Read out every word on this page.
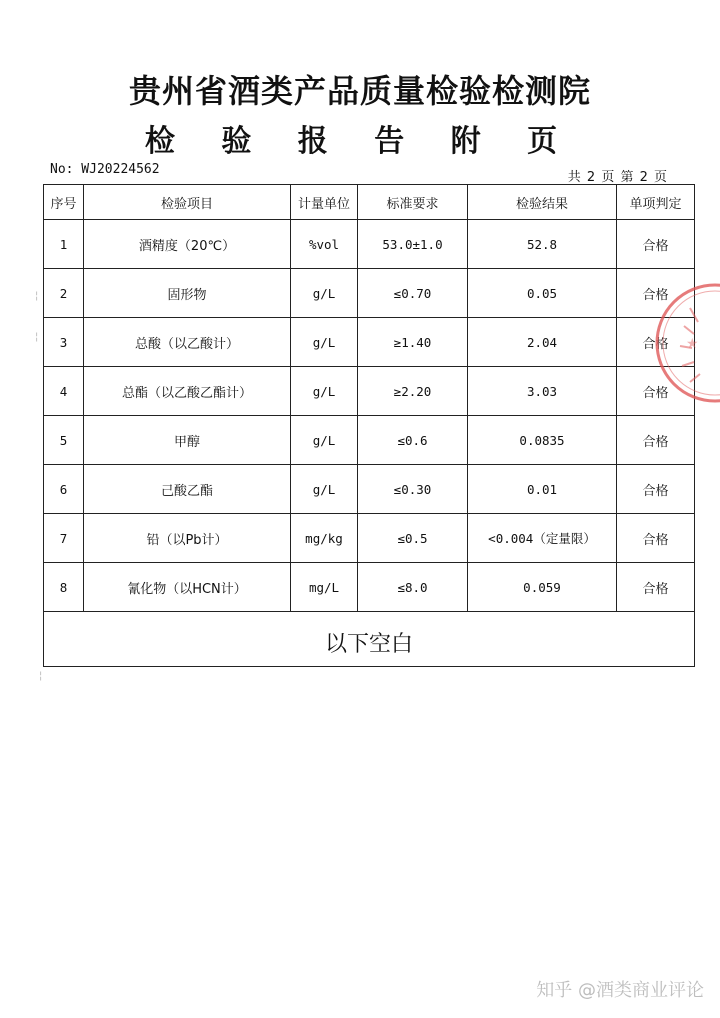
贵州省酒类产品质量检验检测院
检 验 报 告 附 页
No: WJ20224562
共 2 页 第 2 页
序号	检验项目	计量单位	标准要求	检验结果	单项判定
1	酒精度（20℃）	%vol	53.0±1.0	52.8	合格
2	固形物	g/L	≤0.70	0.05	合格
3	总酸（以乙酸计）	g/L	≥1.40	2.04	合格
4	总酯（以乙酸乙酯计）	g/L	≥2.20	3.03	合格
5	甲醇	g/L	≤0.6	0.0835	合格
6	己酸乙酯	g/L	≤0.30	0.01	合格
7	铅（以Pb计）	mg/kg	≤0.5	<0.004（定量限）	合格
8	氰化物（以HCN计）	mg/L	≤8.0	0.059	合格
以下空白					
★
╎
╎
╎
知乎 @酒类商业评论
